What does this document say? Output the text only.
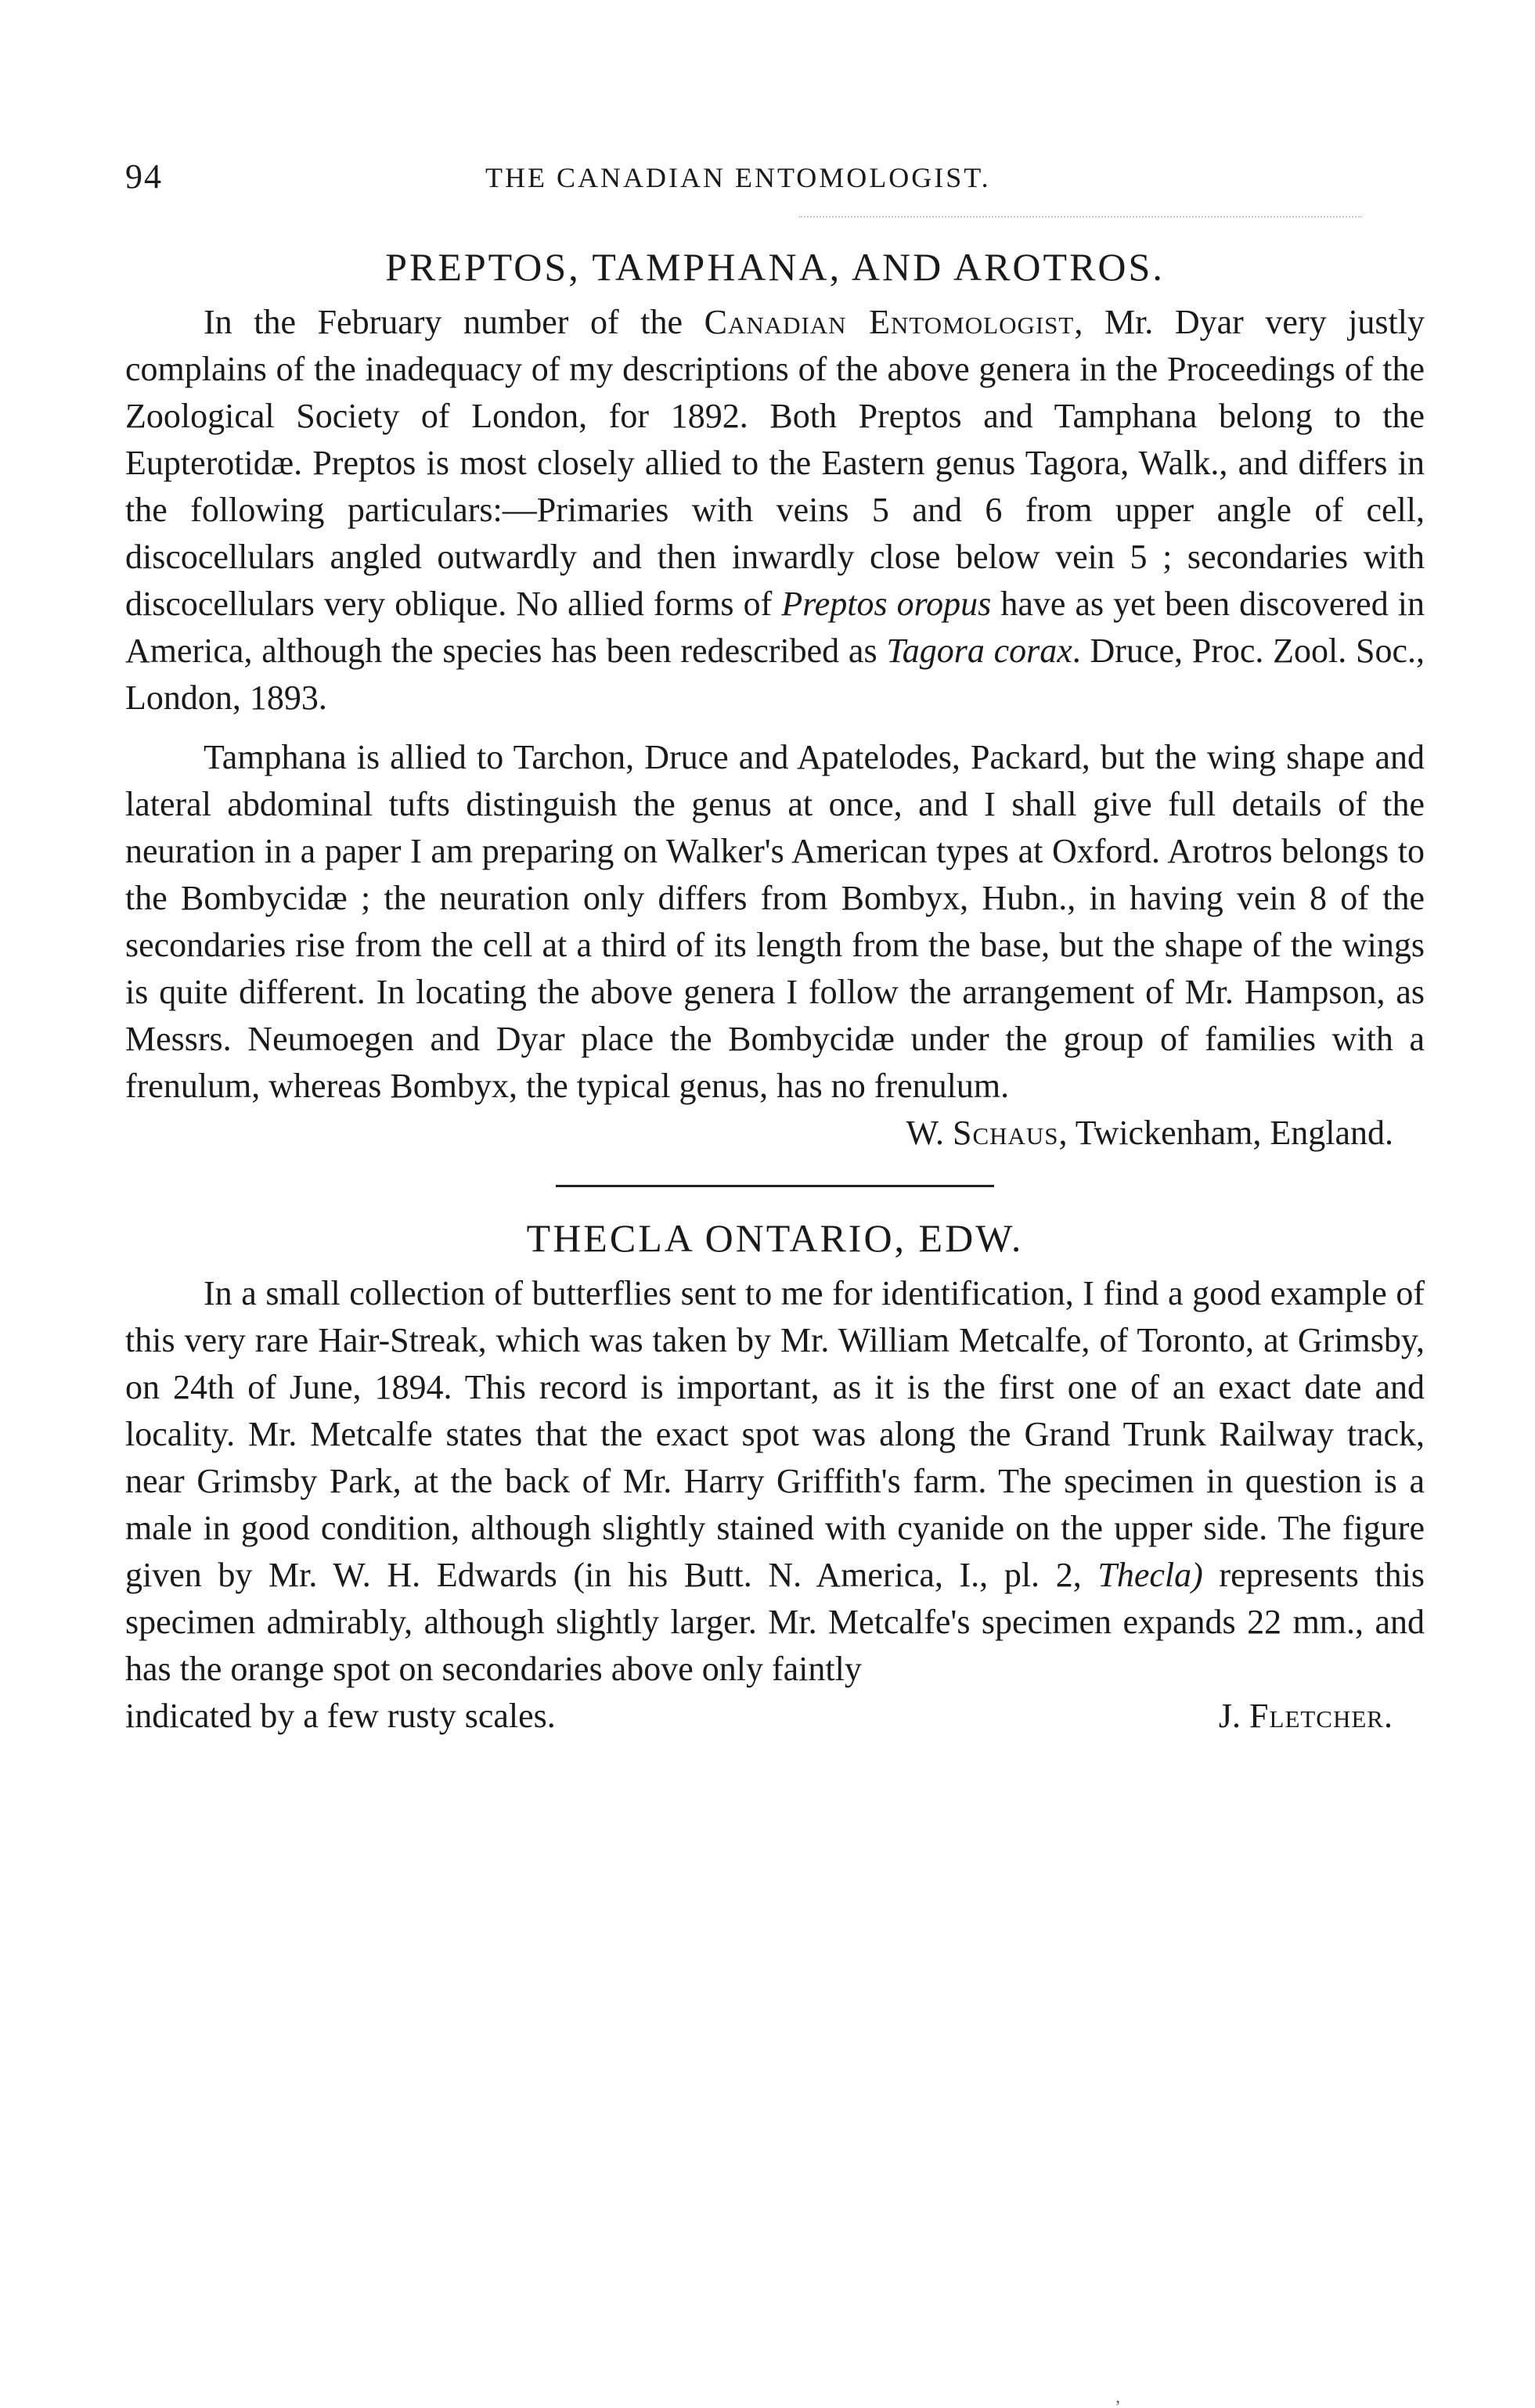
94	THE CANADIAN ENTOMOLOGIST.
PREPTOS, TAMPHANA, AND AROTROS.

In the February number of the Canadian Entomologist, Mr. Dyar very justly complains of the inadequacy of my descriptions of the above genera in the Proceedings of the Zoological Society of London, for 1892. Both Preptos and Tamphana belong to the Eupterotidæ. Preptos is most closely allied to the Eastern genus Tagora, Walk., and differs in the following particulars:—Primaries with veins 5 and 6 from upper angle of cell, discocellulars angled outwardly and then inwardly close below vein 5 ; secondaries with discocellulars very oblique. No allied forms of Preptos oropus have as yet been discovered in America, although the species has been redescribed as Tagora corax. Druce, Proc. Zool. Soc., London, 1893.

Tamphana is allied to Tarchon, Druce and Apatelodes, Packard, but the wing shape and lateral abdominal tufts distinguish the genus at once, and I shall give full details of the neuration in a paper I am preparing on Walker's American types at Oxford. Arotros belongs to the Bombycidæ ; the neuration only differs from Bombyx, Hubn., in having vein 8 of the secondaries rise from the cell at a third of its length from the base, but the shape of the wings is quite different. In locating the above genera I follow the arrangement of Mr. Hampson, as Messrs. Neumoegen and Dyar place the Bombycidæ under the group of families with a frenulum, whereas Bombyx, the typical genus, has no frenulum.

W. Schaus, Twickenham, England.
THECLA ONTARIO, EDW.

In a small collection of butterflies sent to me for identification, I find a good example of this very rare Hair-Streak, which was taken by Mr. William Metcalfe, of Toronto, at Grimsby, on 24th of June, 1894. This record is important, as it is the first one of an exact date and locality. Mr. Metcalfe states that the exact spot was along the Grand Trunk Railway track, near Grimsby Park, at the back of Mr. Harry Griffith's farm. The specimen in question is a male in good condition, although slightly stained with cyanide on the upper side. The figure given by Mr. W. H. Edwards (in his Butt. N. America, I., pl. 2, Thecla) represents this specimen admirably, although slightly larger. Mr. Metcalfe's specimen expands 22 mm., and has the orange spot on secondaries above only faintly

indicated by a few rusty scales.	J. Fletcher.
‚
